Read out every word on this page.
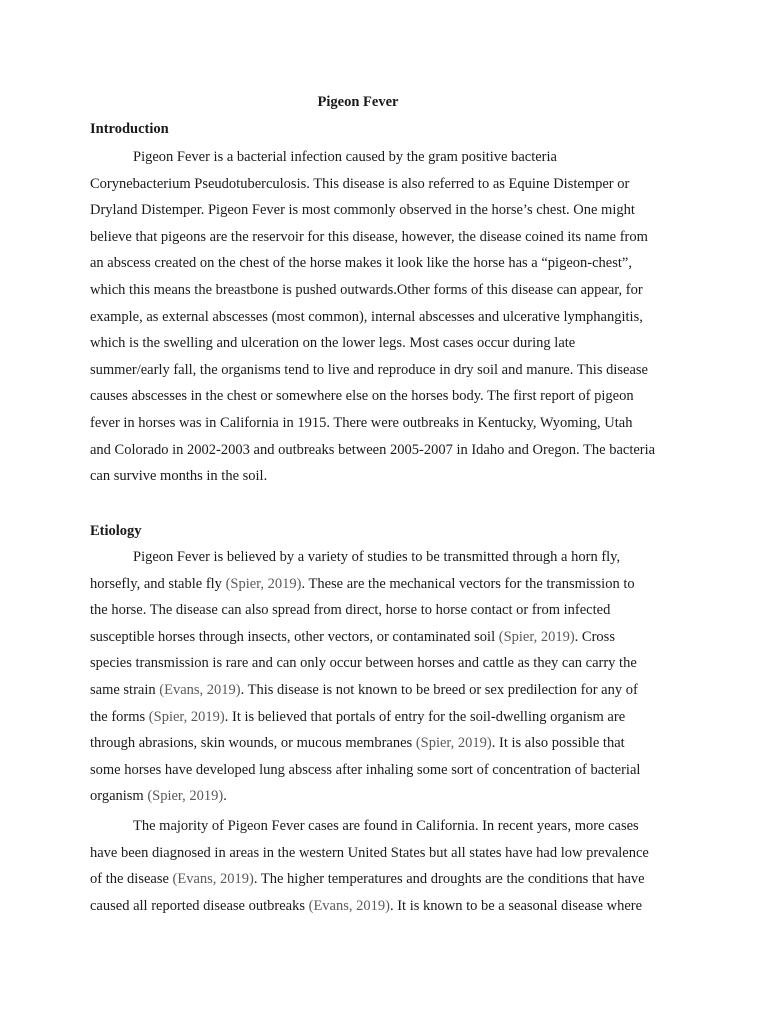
Pigeon Fever
Introduction
Pigeon Fever is a bacterial infection caused by the gram positive bacteria
Corynebacterium Pseudotuberculosis. This disease is also referred to as Equine Distemper or
Dryland Distemper. Pigeon Fever is most commonly observed in the horse’s chest. One might
believe that pigeons are the reservoir for this disease, however, the disease coined its name from
an abscess created on the chest of the horse makes it look like the horse has a “pigeon-chest”,
which this means the breastbone is pushed outwards.Other forms of this disease can appear, for
example, as external abscesses (most common), internal abscesses and ulcerative lymphangitis,
which is the swelling and ulceration on the lower legs. Most cases occur during late
summer/early fall, the organisms tend to live and reproduce in dry soil and manure. This disease
causes abscesses in the chest or somewhere else on the horses body. The first report of pigeon
fever in horses was in California in 1915. There were outbreaks in Kentucky, Wyoming, Utah
and Colorado in 2002-2003 and outbreaks between 2005-2007 in Idaho and Oregon. The bacteria
can survive months in the soil.
Etiology
Pigeon Fever is believed by a variety of studies to be transmitted through a horn fly,
horsefly, and stable fly (Spier, 2019). These are the mechanical vectors for the transmission to
the horse. The disease can also spread from direct, horse to horse contact or from infected
susceptible horses through insects, other vectors, or contaminated soil (Spier, 2019). Cross
species transmission is rare and can only occur between horses and cattle as they can carry the
same strain (Evans, 2019). This disease is not known to be breed or sex predilection for any of
the forms (Spier, 2019). It is believed that portals of entry for the soil-dwelling organism are
through abrasions, skin wounds, or mucous membranes (Spier, 2019). It is also possible that
some horses have developed lung abscess after inhaling some sort of concentration of bacterial
organism (Spier, 2019).
The majority of Pigeon Fever cases are found in California. In recent years, more cases
have been diagnosed in areas in the western United States but all states have had low prevalence
of the disease (Evans, 2019). The higher temperatures and droughts are the conditions that have
caused all reported disease outbreaks (Evans, 2019). It is known to be a seasonal disease where
